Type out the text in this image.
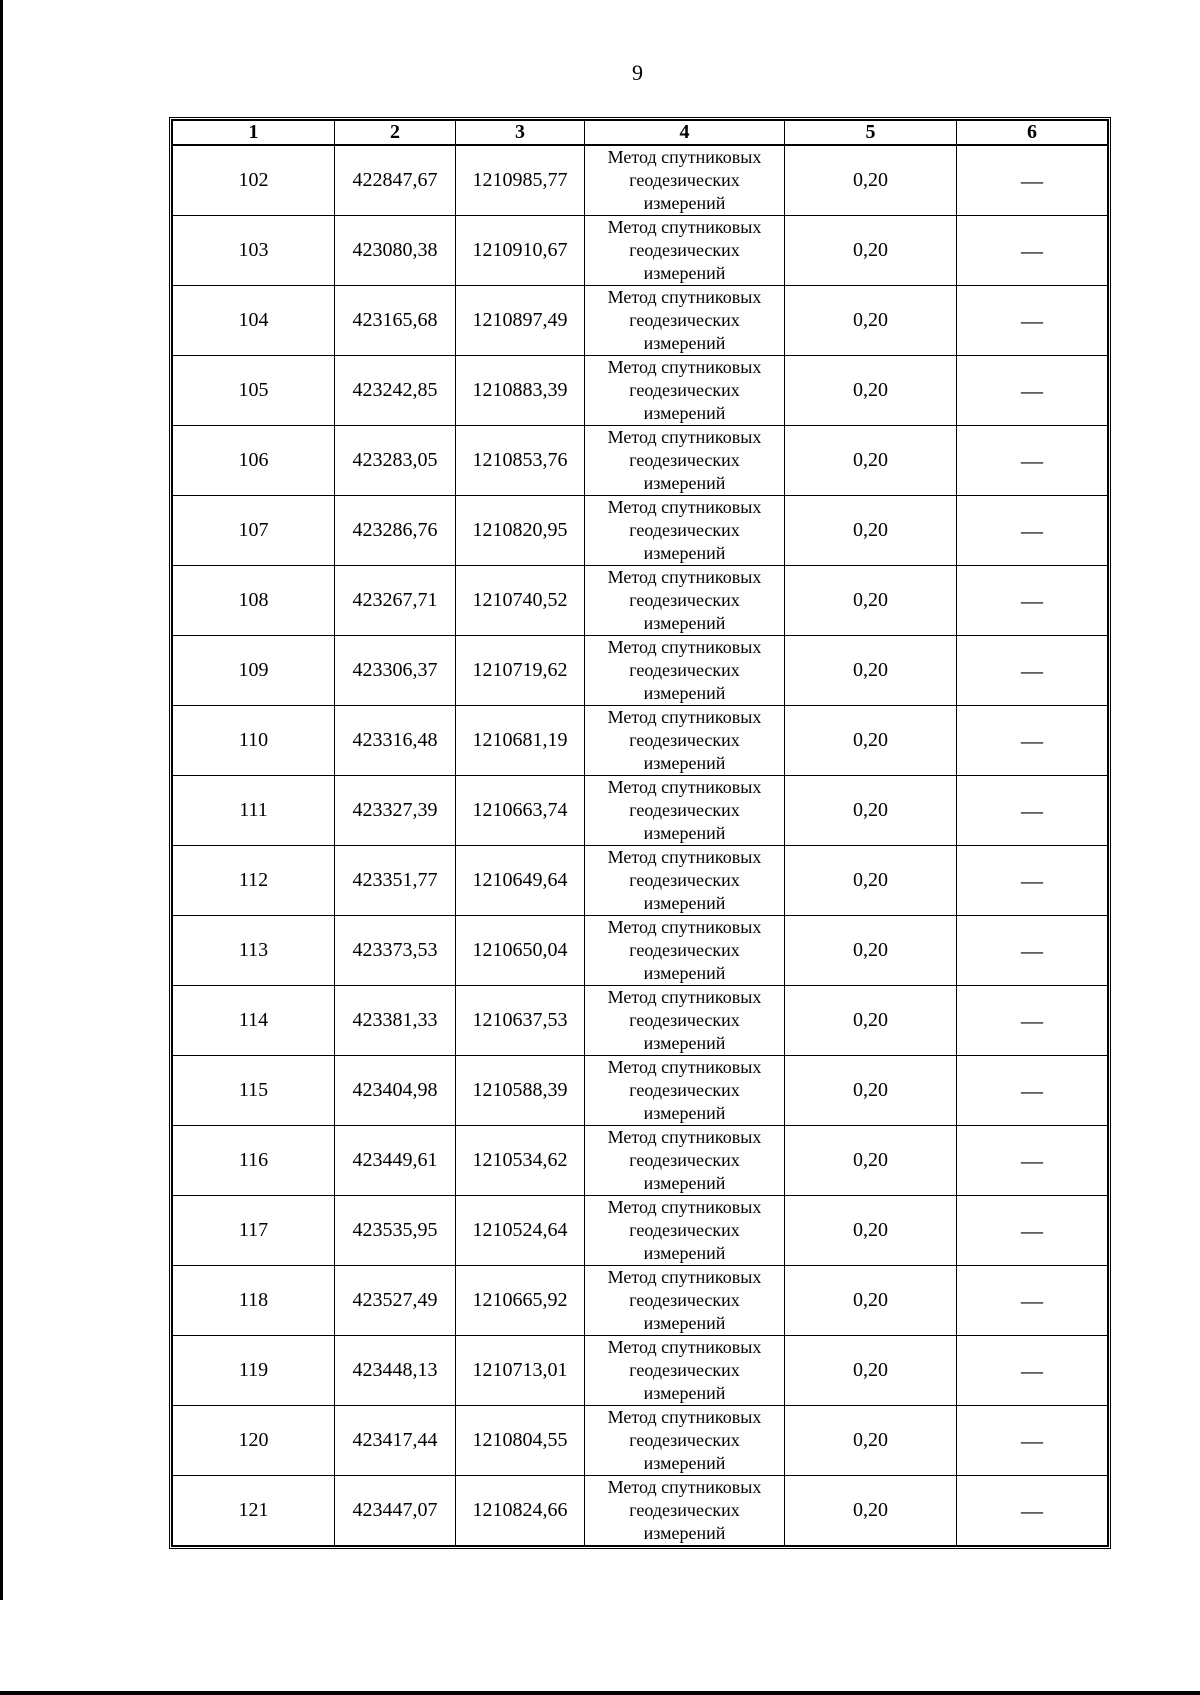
9
1	2	3	4	5	6
102	422847,67	1210985,77	Метод спутниковых
геодезических
измерений	0,20	—
103	423080,38	1210910,67	Метод спутниковых
геодезических
измерений	0,20	—
104	423165,68	1210897,49	Метод спутниковых
геодезических
измерений	0,20	—
105	423242,85	1210883,39	Метод спутниковых
геодезических
измерений	0,20	—
106	423283,05	1210853,76	Метод спутниковых
геодезических
измерений	0,20	—
107	423286,76	1210820,95	Метод спутниковых
геодезических
измерений	0,20	—
108	423267,71	1210740,52	Метод спутниковых
геодезических
измерений	0,20	—
109	423306,37	1210719,62	Метод спутниковых
геодезических
измерений	0,20	—
110	423316,48	1210681,19	Метод спутниковых
геодезических
измерений	0,20	—
111	423327,39	1210663,74	Метод спутниковых
геодезических
измерений	0,20	—
112	423351,77	1210649,64	Метод спутниковых
геодезических
измерений	0,20	—
113	423373,53	1210650,04	Метод спутниковых
геодезических
измерений	0,20	—
114	423381,33	1210637,53	Метод спутниковых
геодезических
измерений	0,20	—
115	423404,98	1210588,39	Метод спутниковых
геодезических
измерений	0,20	—
116	423449,61	1210534,62	Метод спутниковых
геодезических
измерений	0,20	—
117	423535,95	1210524,64	Метод спутниковых
геодезических
измерений	0,20	—
118	423527,49	1210665,92	Метод спутниковых
геодезических
измерений	0,20	—
119	423448,13	1210713,01	Метод спутниковых
геодезических
измерений	0,20	—
120	423417,44	1210804,55	Метод спутниковых
геодезических
измерений	0,20	—
121	423447,07	1210824,66	Метод спутниковых
геодезических
измерений	0,20	—
